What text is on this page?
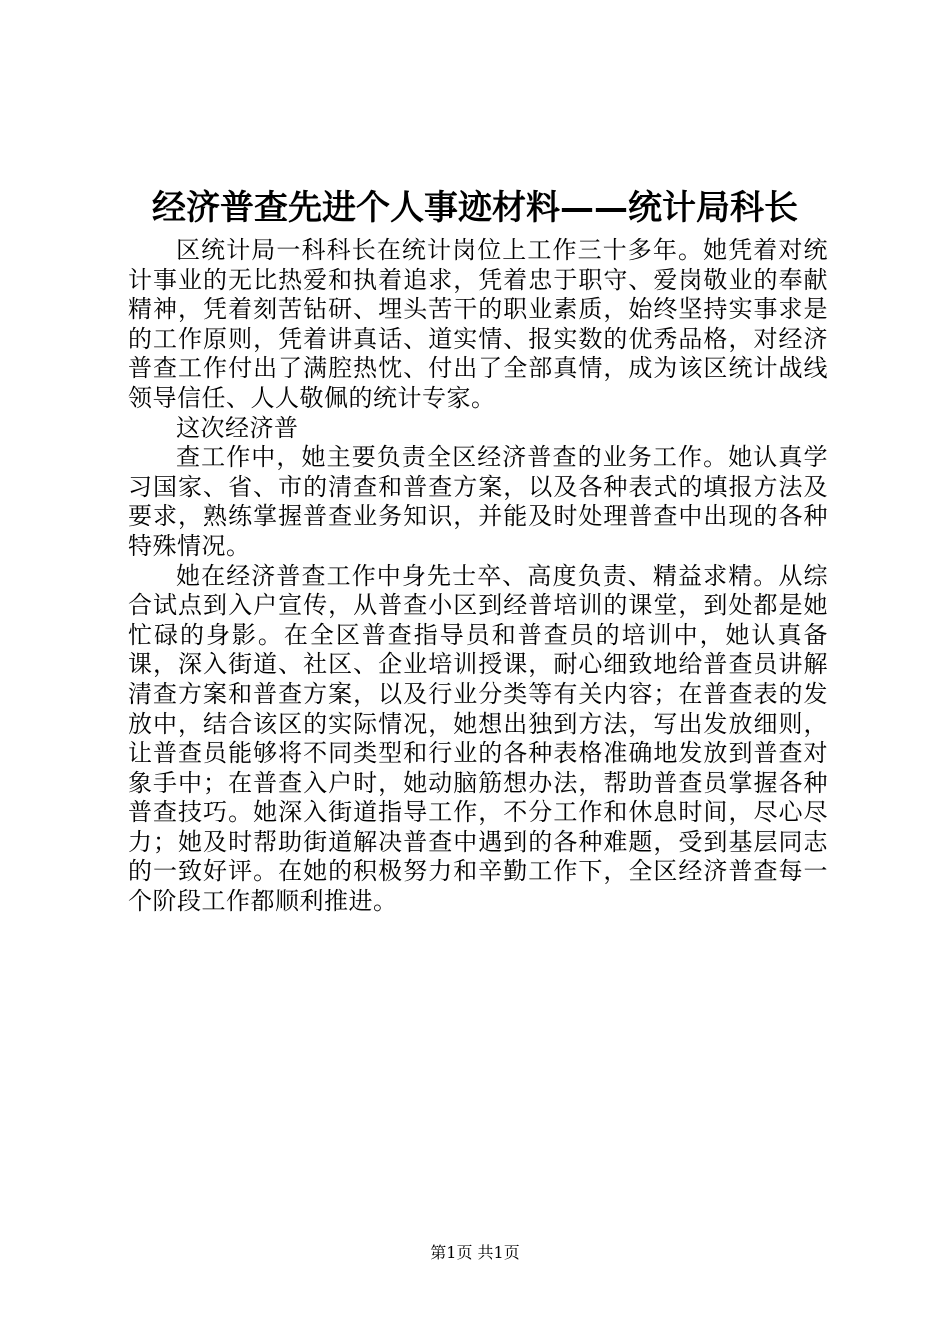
经济普查先进个人事迹材料——统计局科长

区统计局一科科长在统计岗位上工作三十多年。她凭着对统计事业的无比热爱和执着追求，凭着忠于职守、爱岗敬业的奉献精神，凭着刻苦钻研、埋头苦干的职业素质，始终坚持实事求是的工作原则，凭着讲真话、道实情、报实数的优秀品格，对经济普查工作付出了满腔热忱、付出了全部真情，成为该区统计战线领导信任、人人敬佩的统计专家。

这次经济普

查工作中，她主要负责全区经济普查的业务工作。她认真学习国家、省、市的清查和普查方案，以及各种表式的填报方法及要求，熟练掌握普查业务知识，并能及时处理普查中出现的各种特殊情况。

她在经济普查工作中身先士卒、高度负责、精益求精。从综合试点到入户宣传，从普查小区到经普培训的课堂，到处都是她忙碌的身影。在全区普查指导员和普查员的培训中，她认真备课，深入街道、社区、企业培训授课，耐心细致地给普查员讲解清查方案和普查方案，以及行业分类等有关内容；在普查表的发放中，结合该区的实际情况，她想出独到方法，写出发放细则，让普查员能够将不同类型和行业的各种表格准确地发放到普查对象手中；在普查入户时，她动脑筋想办法，帮助普查员掌握各种普查技巧。她深入街道指导工作，不分工作和休息时间，尽心尽力；她及时帮助街道解决普查中遇到的各种难题，受到基层同志的一致好评。在她的积极努力和辛勤工作下，全区经济普查每一个阶段工作都顺利推进。

第1页 共1页
